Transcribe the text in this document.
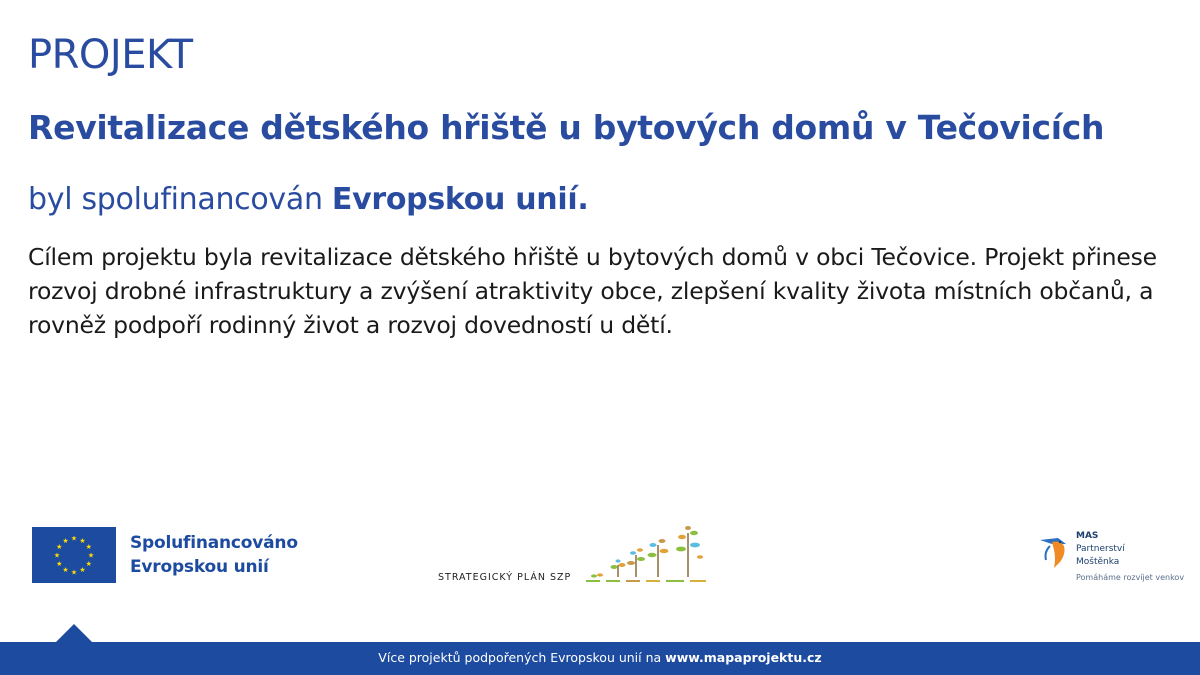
PROJEKT
Revitalizace dětského hřiště u bytových domů v Tečovicích
byl spolufinancován Evropskou unií.
Cílem projektu byla revitalizace dětského hřiště u bytových domů v obci Tečovice. Projekt přinese rozvoj drobné infrastruktury a zvýšení atraktivity obce, zlepšení kvality života místních občanů, a rovněž podpoří rodinný život a rozvoj dovedností u dětí.
★ ★
★
★
★
★
★
★
★
★
★
★	Spolufinancováno
Evropskou unií
STRATEGICKÝ PLÁN SZP
MAS
Partnerství
Moštěnka
Pomáháme rozvíjet venkov
Více projektů podpořených Evropskou unií na www.mapaprojektu.cz
